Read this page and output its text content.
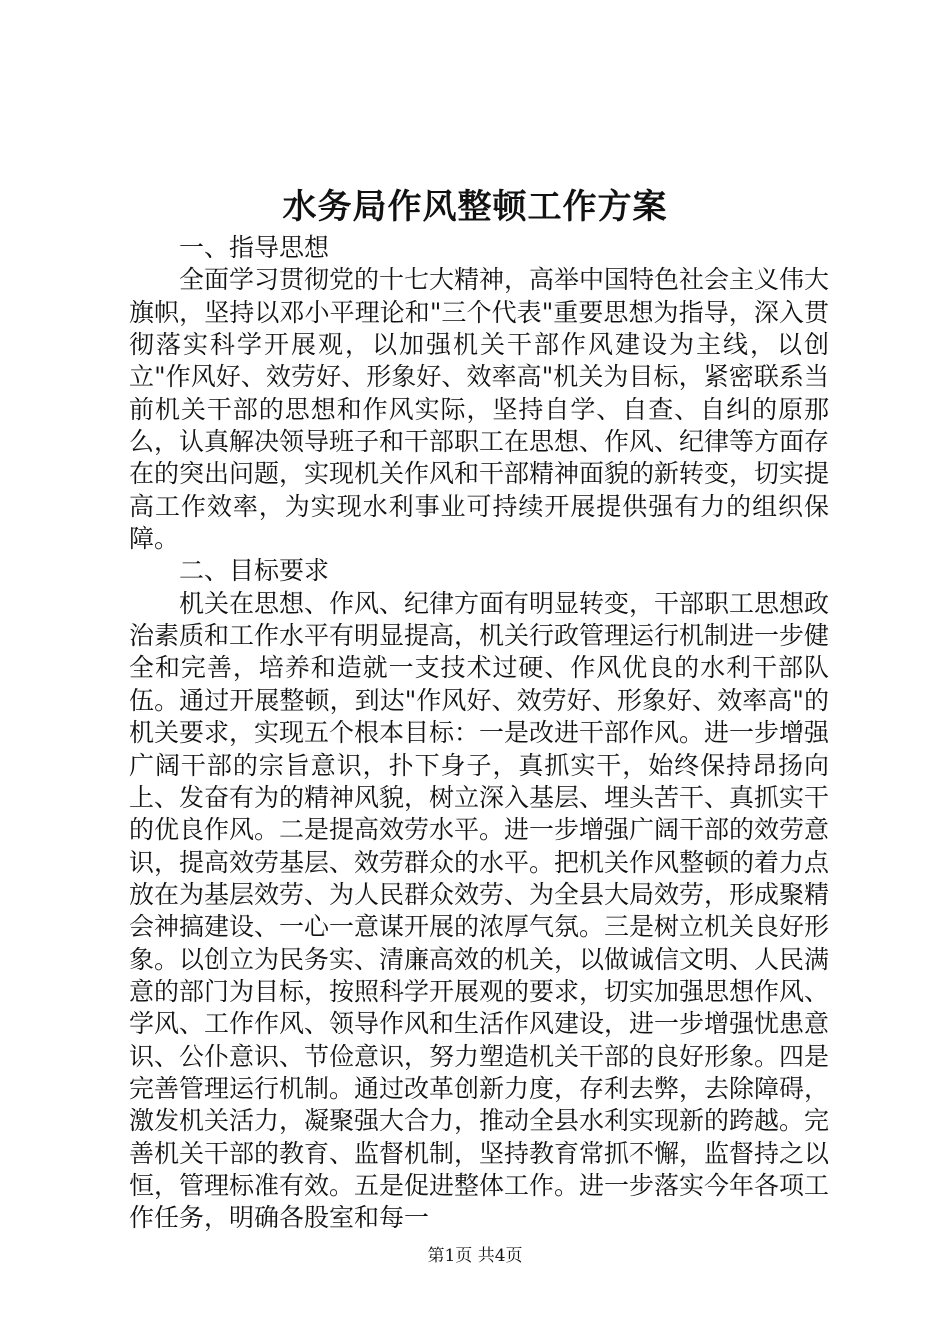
水务局作风整顿工作方案

一、指导思想

全面学习贯彻党的十七大精神，高举中国特色社会主义伟大旗帜，坚持以邓小平理论和"三个代表"重要思想为指导，深入贯彻落实科学开展观，以加强机关干部作风建设为主线，以创立"作风好、效劳好、形象好、效率高"机关为目标，紧密联系当前机关干部的思想和作风实际，坚持自学、自查、自纠的原那么，认真解决领导班子和干部职工在思想、作风、纪律等方面存在的突出问题，实现机关作风和干部精神面貌的新转变，切实提高工作效率，为实现水利事业可持续开展提供强有力的组织保障。

二、目标要求

机关在思想、作风、纪律方面有明显转变，干部职工思想政治素质和工作水平有明显提高，机关行政管理运行机制进一步健全和完善，培养和造就一支技术过硬、作风优良的水利干部队伍。通过开展整顿，到达"作风好、效劳好、形象好、效率高"的机关要求，实现五个根本目标：一是改进干部作风。进一步增强广阔干部的宗旨意识，扑下身子，真抓实干，始终保持昂扬向上、发奋有为的精神风貌，树立深入基层、埋头苦干、真抓实干的优良作风。二是提高效劳水平。进一步增强广阔干部的效劳意识，提高效劳基层、效劳群众的水平。把机关作风整顿的着力点放在为基层效劳、为人民群众效劳、为全县大局效劳，形成聚精会神搞建设、一心一意谋开展的浓厚气氛。三是树立机关良好形象。以创立为民务实、清廉高效的机关，以做诚信文明、人民满意的部门为目标，按照科学开展观的要求，切实加强思想作风、学风、工作作风、领导作风和生活作风建设，进一步增强忧患意识、公仆意识、节俭意识，努力塑造机关干部的良好形象。四是完善管理运行机制。通过改革创新力度，存利去弊，去除障碍，激发机关活力，凝聚强大合力，推动全县水利实现新的跨越。完善机关干部的教育、监督机制，坚持教育常抓不懈，监督持之以恒，管理标准有效。五是促进整体工作。进一步落实今年各项工作任务，明确各股室和每一

第1页 共4页
